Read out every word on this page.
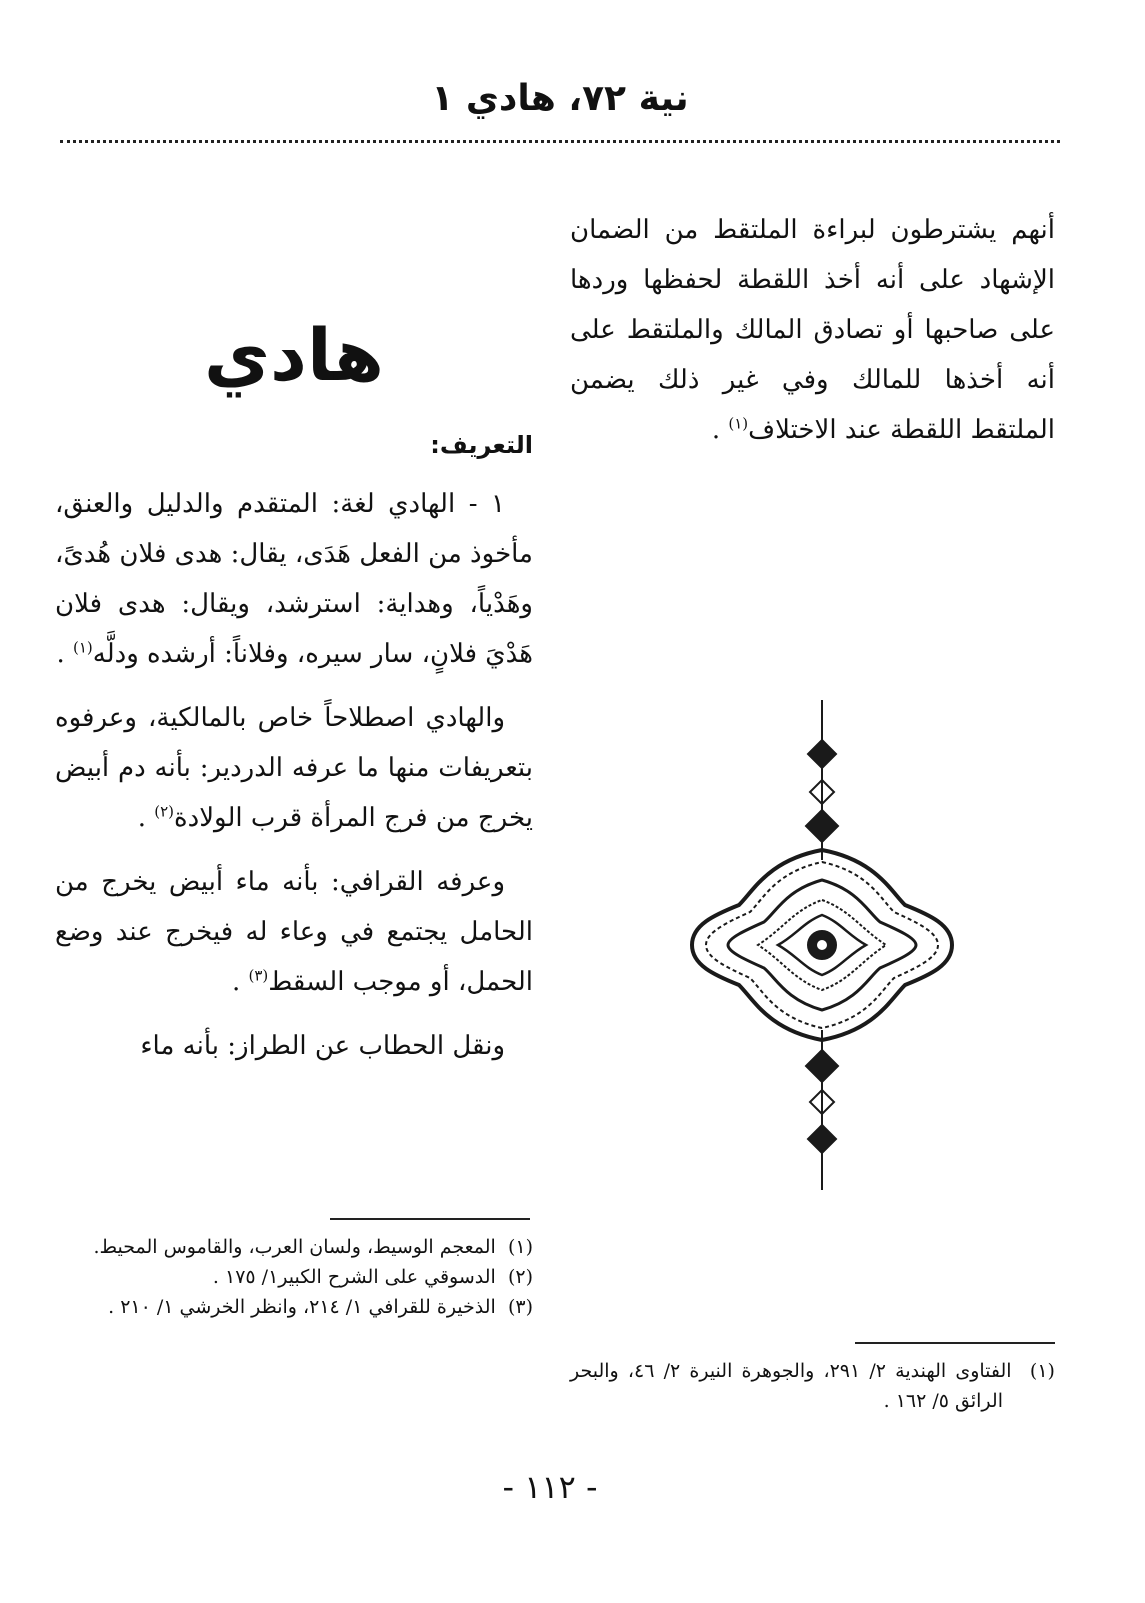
نية ٧٢، هادي ١

أنهم يشترطون لبراءة الملتقط من الضمان الإشهاد على أنه أخذ اللقطة لحفظها وردها على صاحبها أو تصادق المالك والملتقط على أنه أخذها للمالك وفي غير ذلك يضمن الملتقط اللقطة عند الاختلاف$^{(١)}$ .

هادي
التعريف:

١ - الهادي لغة: المتقدم والدليل والعنق، مأخوذ من الفعل هَدَى، يقال: هدى فلان هُدىً، وهَدْياً، وهداية: استرشد، ويقال: هدى فلان هَدْيَ فلانٍ، سار سيره، وفلاناً: أرشده ودلَّه$^{(١)}$ .

والهادي اصطلاحاً خاص بالمالكية، وعرفوه بتعريفات منها ما عرفه الدردير: بأنه دم أبيض يخرج من فرج المرأة قرب الولادة$^{(٢)}$ .

وعرفه القرافي: بأنه ماء أبيض يخرج من الحامل يجتمع في وعاء له فيخرج عند وضع الحمل، أو موجب السقط$^{(٣)}$ .

ونقل الحطاب عن الطراز: بأنه ماء

(١)  المعجم الوسيط، ولسان العرب، والقاموس المحيط.

(٢)  الدسوقي على الشرح الكبير١/ ١٧٥ .

(٣)  الذخيرة للقرافي ١/ ٢١٤، وانظر الخرشي ١/ ٢١٠ .

(١)  الفتاوى الهندية ٢/ ٢٩١، والجوهرة النيرة ٢/ ٤٦، والبحر الرائق ٥/ ١٦٢ .

- ١١٢ -
